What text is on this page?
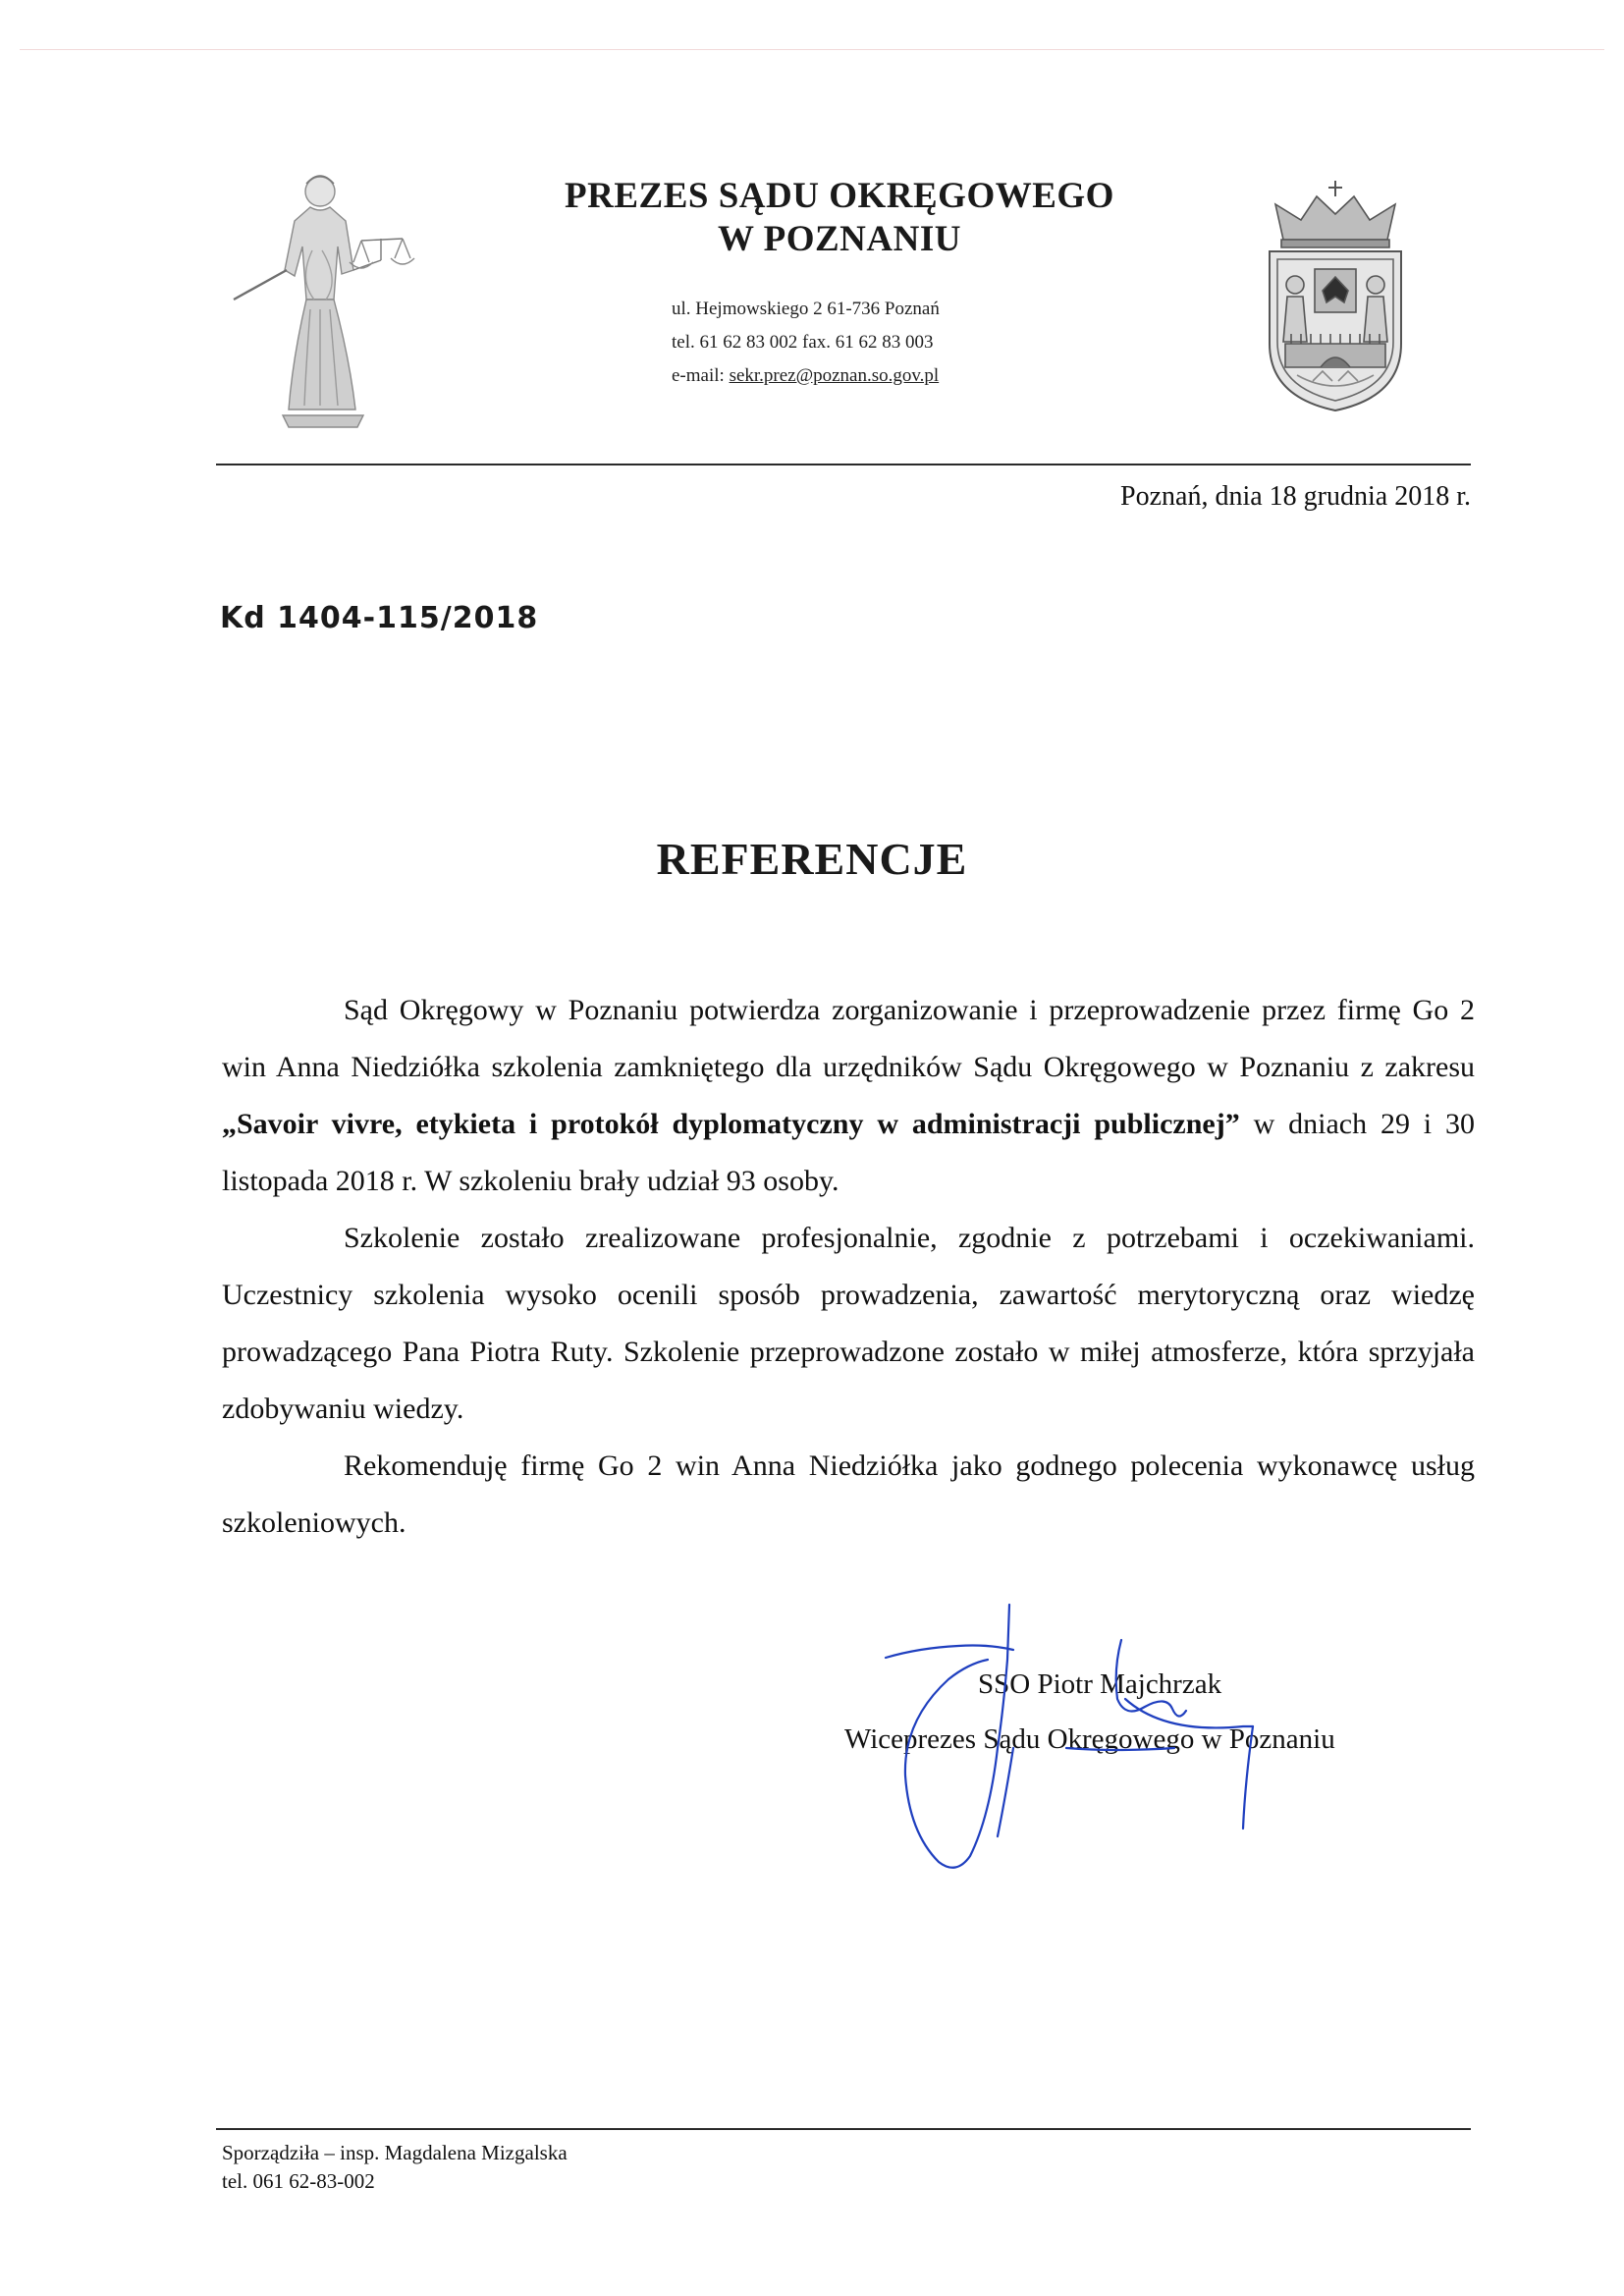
PREZES SĄDU OKRĘGOWEGO
W POZNANIU
ul. Hejmowskiego 2 61-736 Poznań
tel. 61 62 83 002 fax. 61 62 83 003
e-mail: sekr.prez@poznan.so.gov.pl
Poznań, dnia 18 grudnia 2018 r.
Kd 1404-115/2018
REFERENCJE

Sąd Okręgowy w Poznaniu potwierdza zorganizowanie i przeprowadzenie przez firmę Go 2 win Anna Niedziółka szkolenia zamkniętego dla urzędników Sądu Okręgowego w Poznaniu z zakresu „Savoir vivre, etykieta i protokół dyplomatyczny w administracji publicznej” w dniach 29 i 30 listopada 2018 r. W szkoleniu brały udział 93 osoby.

Szkolenie zostało zrealizowane profesjonalnie, zgodnie z potrzebami i oczekiwaniami. Uczestnicy szkolenia wysoko ocenili sposób prowadzenia, zawartość merytoryczną oraz wiedzę prowadzącego Pana Piotra Ruty. Szkolenie przeprowadzone zostało w miłej atmosferze, która sprzyjała zdobywaniu wiedzy.

Rekomenduję firmę Go 2 win Anna Niedziółka jako godnego polecenia wykonawcę usług szkoleniowych.

SSO Piotr Majchrzak
Wiceprezes Sądu Okręgowego w Poznaniu
Sporządziła – insp. Magdalena Mizgalska
tel. 061 62-83-002
